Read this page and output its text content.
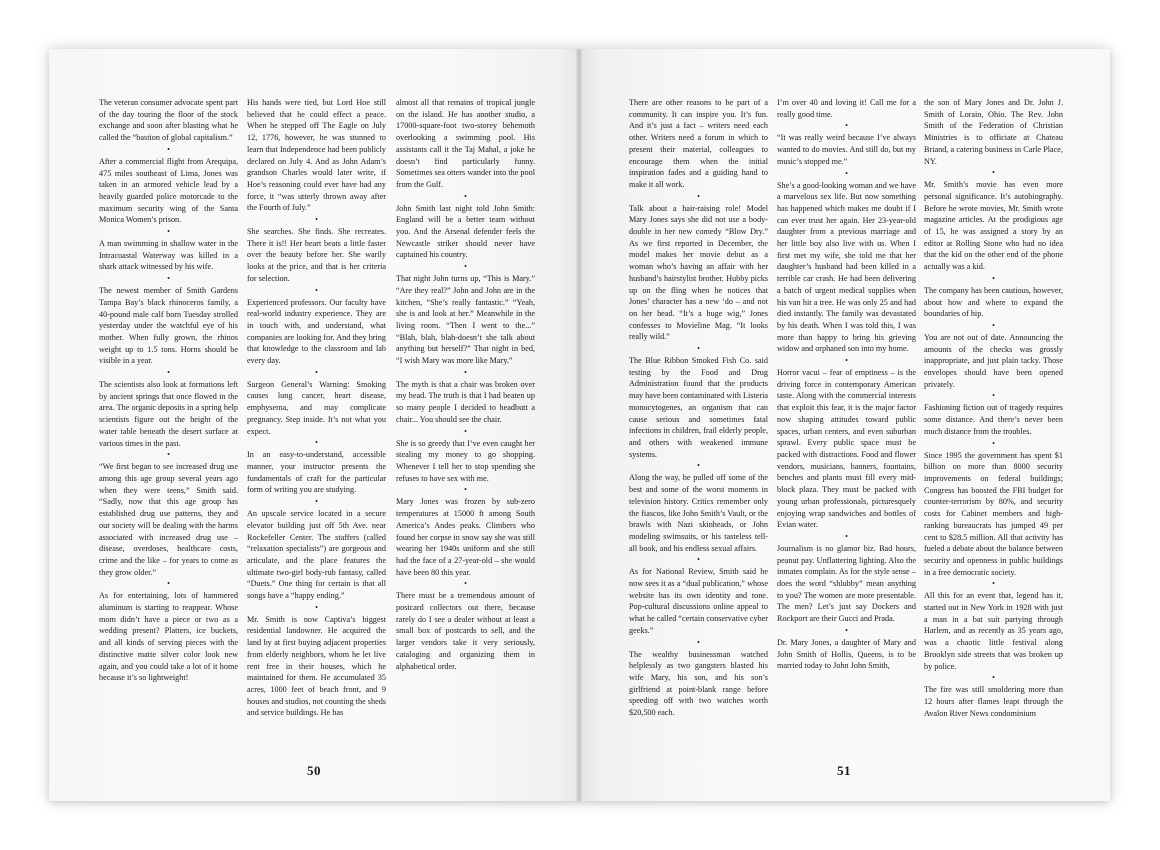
The veteran consumer advocate spent part of the day touring the floor of the stock exchange and soon after blasting what he called the “bastion of global capitalism.”

•

After a commercial flight from Arequipa, 475 miles southeast of Lima, Jones was taken in an armored vehicle lead by a heavily guarded police motorcade to the maximum security wing of the Santa Monica Women’s prison.

•

A man swimming in shallow water in the Intracoastal Waterway was killed in a shark attack witnessed by his wife.

•

The newest member of Smith Gardens Tampa Bay’s black rhinoceros family, a 40-pound male calf born Tuesday strolled yesterday under the watchful eye of his mother. When fully grown, the rhinos weight up to 1.5 tons. Horns should be visible in a year.

•

The scientists also look at formations left by ancient springs that once flowed in the area. The organic deposits in a spring help scientists figure out the height of the water table beneath the desert surface at various times in the past.

•

“We first began to see increased drug use among this age group several years ago when they were teens,” Smith said. “Sadly, now that this age group has established drug use patterns, they and our society will be dealing with the harms associated with increased drug use – disease, overdoses, healthcare costs, crime and the like – for years to come as they grow older.”

•

As for entertaining, lots of hammered aluminum is starting to reappear. Whose mom didn’t have a piece or two as a wedding present? Platters, ice buckets, and all kinds of serving pieces with the distinctive matte silver color look new again, and you could take a lot of it home because it’s so lightweight!

His hands were tied, but Lord Hoe still believed that he could effect a peace. When he stepped off The Eagle on July 12, 1776, however, he was stunned to learn that Independence had been publicly declared on July 4. And as John Adam’s grandson Charles would later write, if Hoe’s reasoning could ever have had any force, it “was utterly thrown away after the Fourth of July.”

•

She searches. She finds. She recreates. There it is!! Her heart beats a little faster over the beauty before her. She warily looks at the price, and that is her criteria for selection.

•

Experienced professors. Our faculty have real-world industry experience. They are in touch with, and understand, what companies are looking for. And they bring that knowledge to the classroom and lab every day.

•

Surgeon General’s Warning: Smoking causes lung cancer, heart disease, emphysema, and may complicate pregnancy. Step inside. It’s not what you expect.

•

In an easy-to-understand, accessible manner, your instructor presents the fundamentals of craft for the particular form of writing you are studying.

•

An upscale service located in a secure elevator building just off 5th Ave. near Rockefeller Center. The staffers (called “relaxation specialists”) are gorgeous and articulate, and the place features the ultimate two-girl body-rub fantasy, called “Duets.” One thing for certain is that all songs have a “happy ending.”

•

Mr. Smith is now Captiva’s biggest residential landowner. He acquired the land by at first buying adjacent properties from elderly neighbors, whom he let live rent free in their houses, which he maintained for them. He accumulated 35 acres, 1000 feet of beach front, and 9 houses and studios, not counting the sheds and service buildings. He has

almost all that remains of tropical jungle on the island. He has another studio, a 17000-square-foot two-storey behemoth overlooking a swimming pool. His assistants call it the Taj Mahal, a joke he doesn’t find particularly funny. Sometimes sea otters wander into the pool from the Gulf.

•

John Smith last night told John Smith: England will be a better team without you. And the Arsenal defender feels the Newcastle striker should never have captained his country.

•

That night John turns up, “This is Mary.” “Are they real?” John and John are in the kitchen, “She’s really fantastic.” “Yeah, she is and look at her.” Meanwhile in the living room. “Then I went to the...” “Blah, blah, blah-doesn’t she talk about anything but herself?” That night in bed, “I wish Mary was more like Mary.”

•

The myth is that a chair was broken over my head. The truth is that I had beaten up so many people I decided to headbutt a chair... You should see the chair.

•

She is so greedy that I’ve even caught her stealing my money to go shopping. Whenever I tell her to stop spending she refuses to have sex with me.

•

Mary Jones was frozen by sub-zero temperatures at 15000 ft among South America’s Andes peaks. Climbers who found her corpse in snow say she was still wearing her 1940s uniform and she still had the face of a 27-year-old – she would have been 80 this year.

•

There must be a tremendous amount of postcard collectors out there, because rarely do I see a dealer without at least a small box of postcards to sell, and the larger vendors take it very seriously, cataloging and organizing them in alphabetical order.

50

There are other reasons to be part of a community. It can inspire you. It’s fun. And it’s just a fact – writers need each other. Writers need a forum in which to present their material, colleagues to encourage them when the initial inspiration fades and a guiding hand to make it all work.

•

Talk about a hair-raising role! Model Mary Jones says she did not use a body-double in her new comedy “Blow Dry.” As we first reported in December, the model makes her movie debut as a woman who’s having an affair with her husband’s hairstylist brother. Hubby picks up on the fling when he notices that Jones’ character has a new ‘do – and not on her head. “It’s a huge wig,” Jones confesses to Movieline Mag. “It looks really wild.”

•

The Blue Ribbon Smoked Fish Co. said testing by the Food and Drug Administration found that the products may have been contaminated with Listeria monocytogenes, an organism that can cause serious and sometimes fatal infections in children, frail elderly people, and others with weakened immune systems.

•

Along the way, he pulled off some of the best and some of the worst moments in television history. Critics remember only the fiascos, like John Smith’s Vault, or the brawls with Nazi skinheads, or John modeling swimsuits, or his tasteless tell-all book, and his endless sexual affairs.

•

As for National Review, Smith said he now sees it as a “dual publication,” whose website has its own identity and tone. Pop-cultural discussions online appeal to what he called “certain conservative cyber geeks.”

•

The wealthy businessman watched helplessly as two gangsters blasted his wife Mary, his son, and his son’s girlfriend at point-blank range before speeding off with two watches worth $20,500 each.

I’m over 40 and loving it! Call me for a really good time.

•

“It was really weird because I’ve always wanted to do movies. And still do, but my music’s stopped me.”

•

She’s a good-looking woman and we have a marvelous sex life. But now something has happened which makes me doubt if I can ever trust her again. Her 23-year-old daughter from a previous marriage and her little boy also live with us. When I first met my wife, she told me that her daughter’s husband had been killed in a terrible car crash. He had been delivering a batch of urgent medical supplies when his van hit a tree. He was only 25 and had died instantly. The family was devastated by his death. When I was told this, I was more than happy to bring his grieving widow and orphaned son into my home.

•

Horror vacui – fear of emptiness – is the driving force in contemporary American taste. Along with the commercial interests that exploit this fear, it is the major factor now shaping attitudes toward public spaces, urban centers, and even suburban sprawl. Every public space must be packed with distractions. Food and flower vendors, musicians, banners, fountains, benches and plants must fill every mid-block plaza. They must be packed with young urban professionals, picturesquely enjoying wrap sandwiches and bottles of Evian water.

•

Journalism is no glamor biz. Bad hours, peanut pay. Unflattering lighting. Also the inmates complain. As for the style sense – does the word “shlubby” mean anything to you? The women are more presentable. The men? Let’s just say Dockers and Rockport are their Gucci and Prada.

•

Dr. Mary Jones, a daughter of Mary and John Smith of Hollis, Queens, is to be married today to John John Smith,

the son of Mary Jones and Dr. John J. Smith of Lorain, Ohio. The Rev. John Smith of the Federation of Christian Ministries is to officiate at Chateau Briand, a catering business in Carle Place, NY.

•

Mr. Smith’s movie has even more personal significance. It’s autobiography. Before he wrote movies, Mr. Smith wrote magazine articles. At the prodigious age of 15, he was assigned a story by an editor at Rolling Stone who had no idea that the kid on the other end of the phone actually was a kid.

•

The company has been cautious, however, about how and where to expand the boundaries of hip.

•

You are not out of date. Announcing the amounts of the checks was grossly inappropriate, and just plain tacky. Those envelopes should have been opened privately.

•

Fashioning fiction out of tragedy requires some distance. And there’s never been much distance from the troubles.

•

Since 1995 the government has spent $1 billion on more than 8000 security improvements on federal buildings; Congress has boosted the FBI budget for counter-terrorism by 80%, and security costs for Cabinet members and high-ranking bureaucrats has jumped 49 per cent to $28.5 million. All that activity has fueled a debate about the balance between security and openness in public buildings in a free democratic society.

•

All this for an event that, legend has it, started out in New York in 1928 with just a man in a bat suit partying through Harlem, and as recently as 35 years ago, was a chaotic little festival along Brooklyn side streets that was broken up by police.

•

The fire was still smoldering more than 12 hours after flames leapt through the Avalon River News condominium

51
